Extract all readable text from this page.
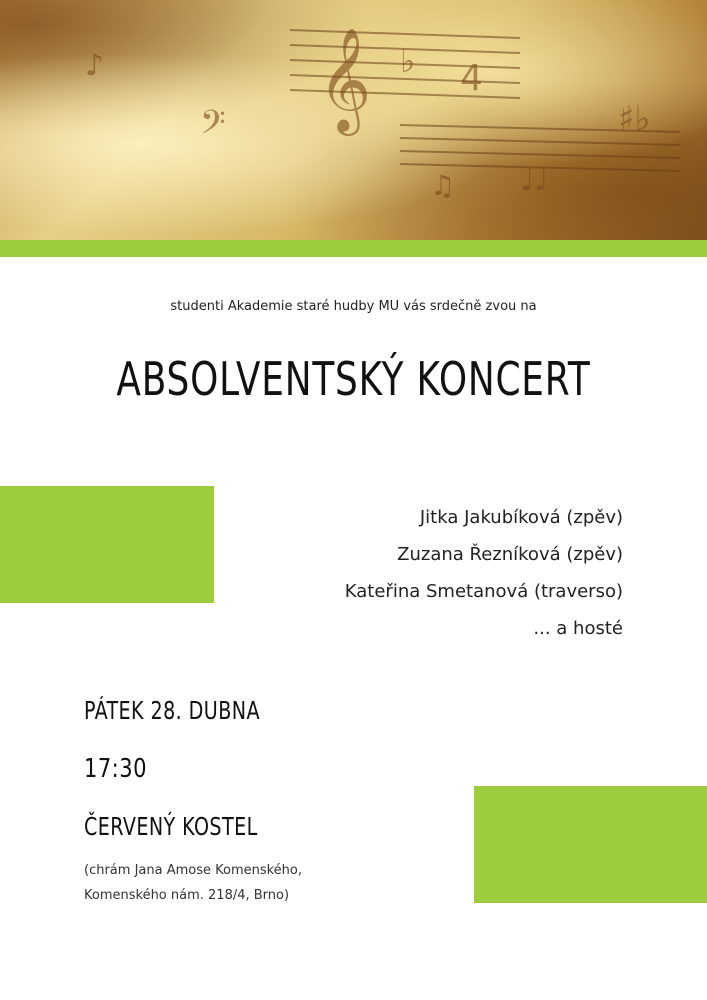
𝄞 ♭ 4
♯♭
𝄢
♪
♩♩
♫
studenti Akademie staré hudby MU vás srdečně zvou na
ABSOLVENTSKÝ KONCERT
Jitka Jakubíková (zpěv)
Zuzana Řezníková (zpěv)
Kateřina Smetanová (traverso)
... a hosté
PÁTEK 28. DUBNA
17:30
ČERVENÝ KOSTEL
(chrám Jana Amose Komenského,
Komenského nám. 218/4, Brno)
